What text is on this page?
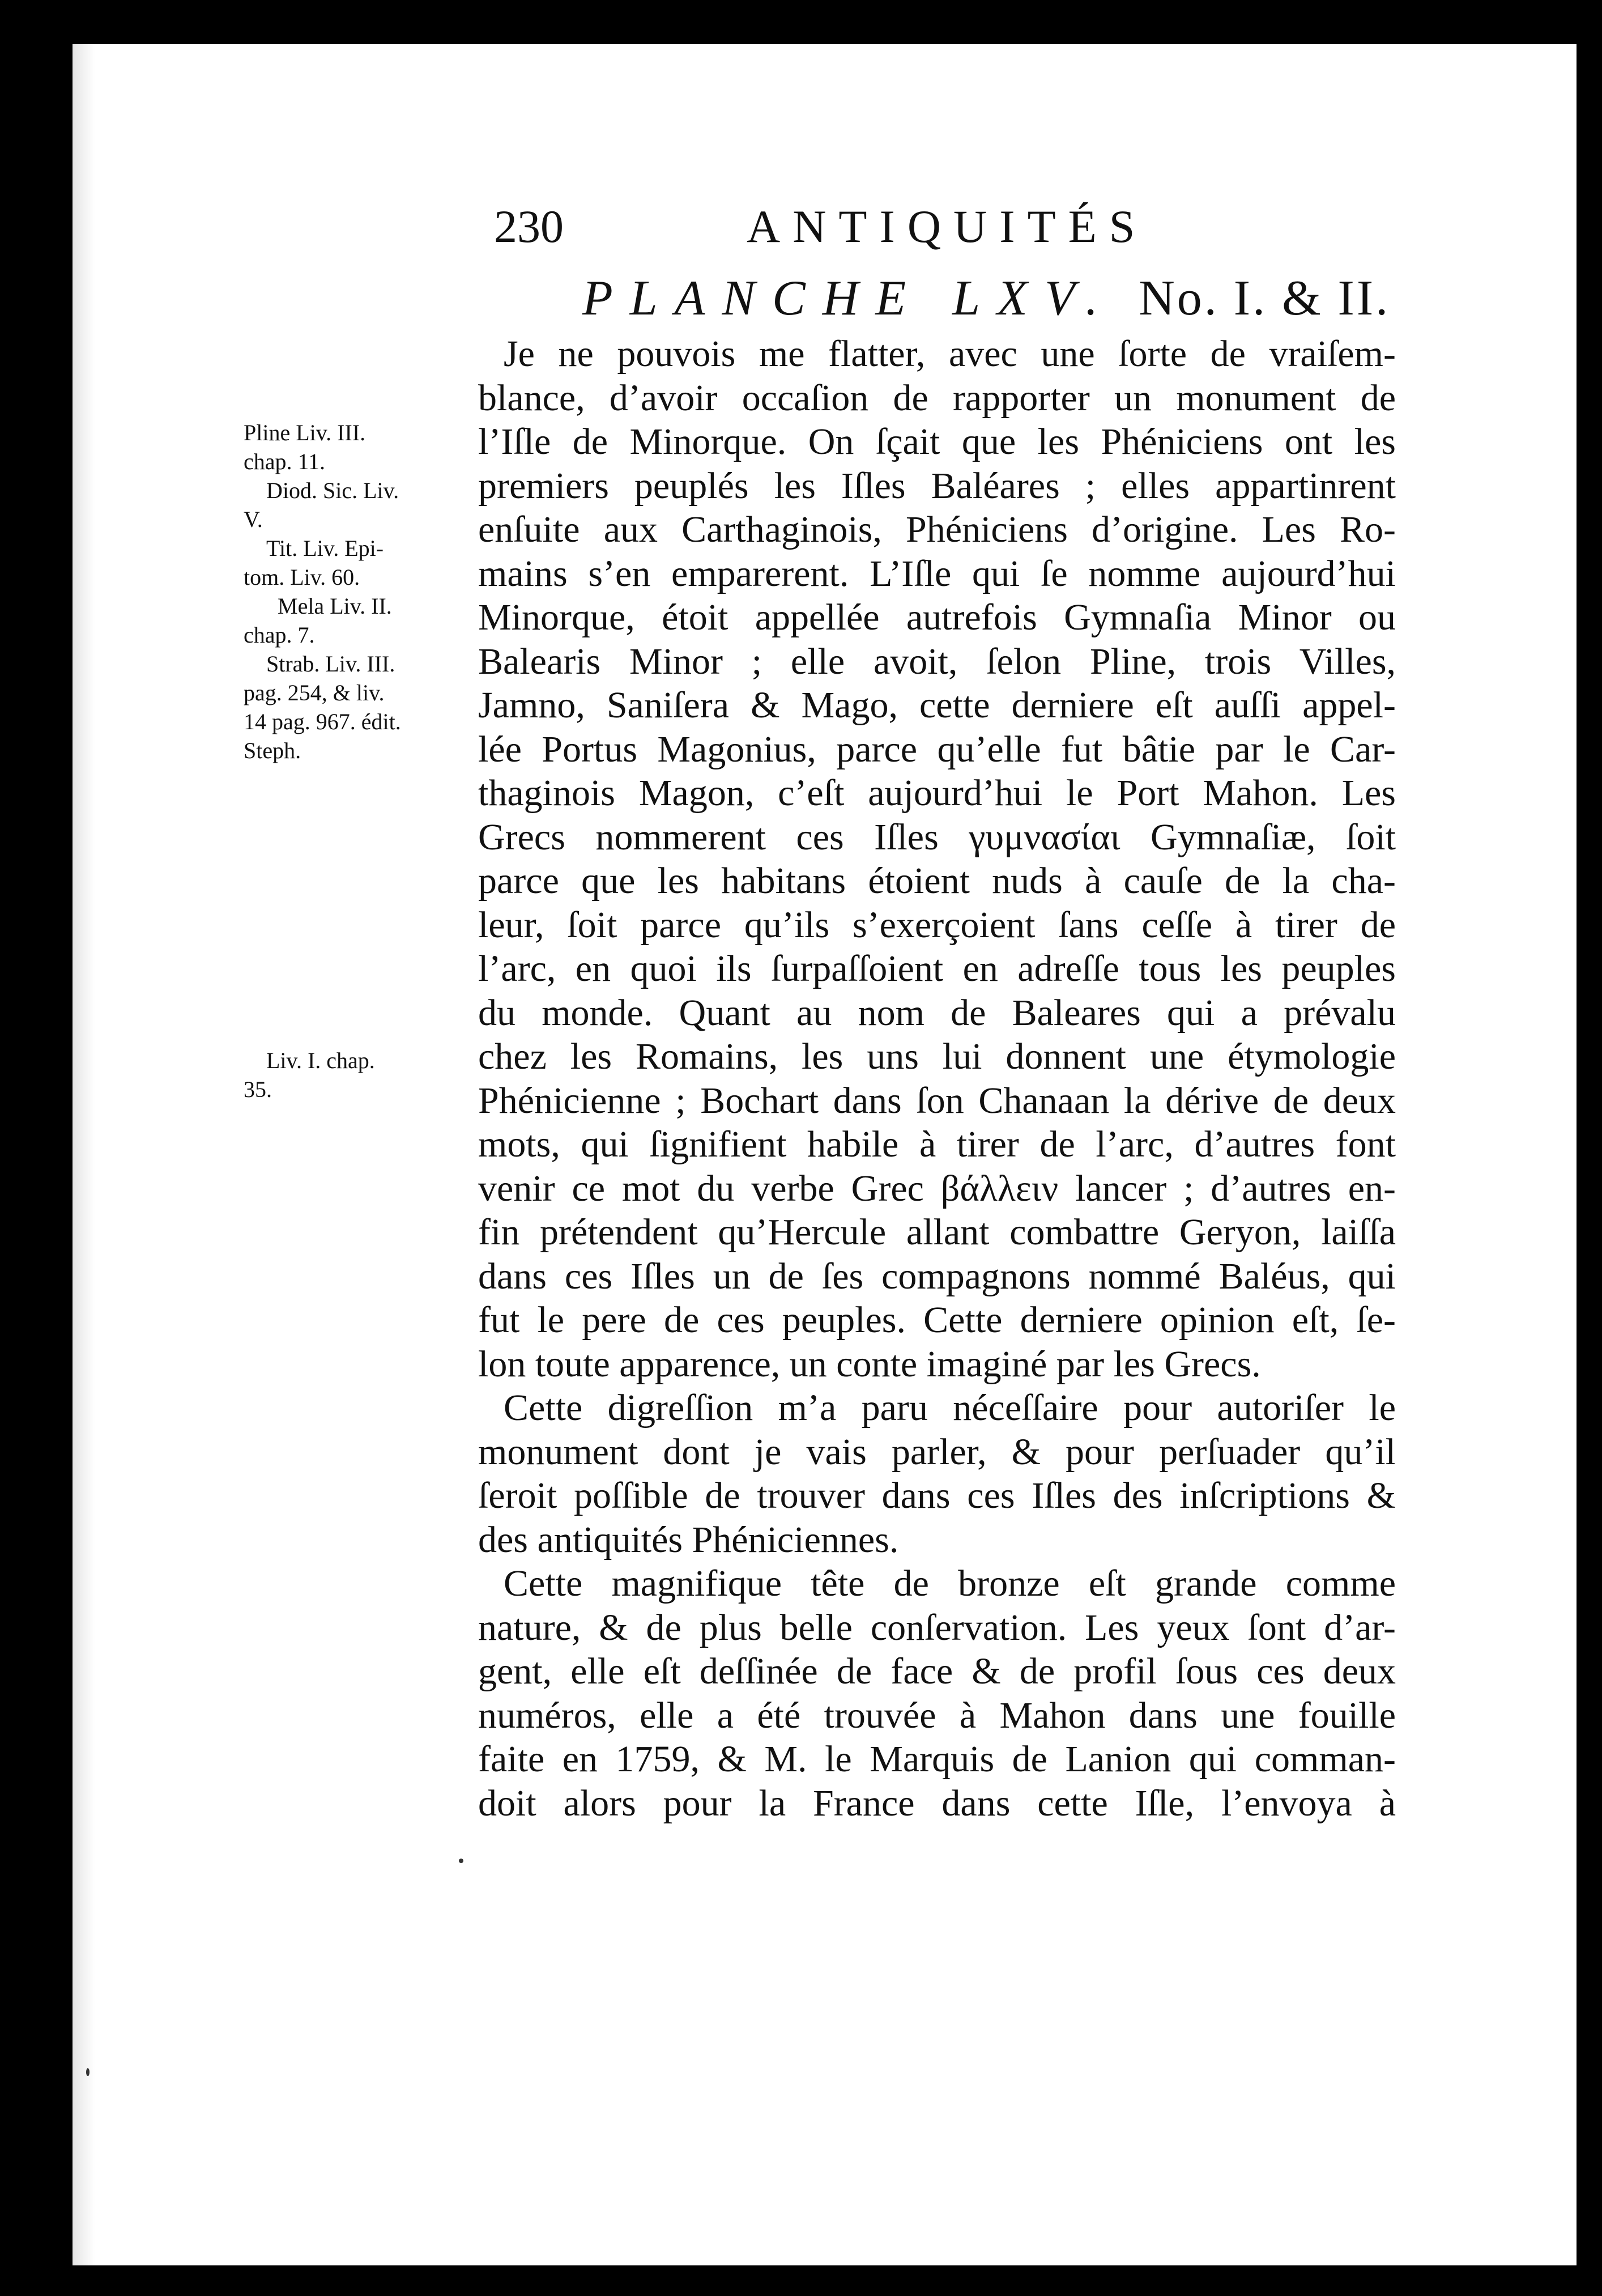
230	ANTIQUITÉS
PLANCHE LXV. No. I. & II.
Pline Liv. III.
chap. 11.
Diod. Sic. Liv.
V.
Tit. Liv. Epi-
tom. Liv. 60.
Mela Liv. II.
chap. 7.
Strab. Liv. III.
pag. 254, & liv.
14 pag. 967. édit.
Steph.
Liv. I. chap.
35.
Je ne pouvois me flatter, avec une ſorte de vraiſem-
blance, d’avoir occaſion de rapporter un monument de
l’Iſle de Minorque. On ſçait que les Phéniciens ont les
premiers peuplés les Iſles Baléares ; elles appartinrent
enſuite aux Carthaginois, Phéniciens d’origine. Les Ro-
mains s’en emparerent. L’Iſle qui ſe nomme aujourd’hui
Minorque, étoit appellée autrefois Gymnaſia Minor ou
Balearis Minor ; elle avoit, ſelon Pline, trois Villes,
Jamno, Saniſera & Mago, cette derniere eſt auſſi appel-
lée Portus Magonius, parce qu’elle fut bâtie par le Car-
thaginois Magon, c’eſt aujourd’hui le Port Mahon. Les
Grecs nommerent ces Iſles γυμνασίαι Gymnaſiæ, ſoit
parce que les habitans étoient nuds à cauſe de la cha-
leur, ſoit parce qu’ils s’exerçoient ſans ceſſe à tirer de
l’arc, en quoi ils ſurpaſſoient en adreſſe tous les peuples
du monde. Quant au nom de Baleares qui a prévalu
chez les Romains, les uns lui donnent une étymologie
Phénicienne ; Bochart dans ſon Chanaan la dérive de deux
mots, qui ſignifient habile à tirer de l’arc, d’autres font
venir ce mot du verbe Grec βάλλειν lancer ; d’autres en-
fin prétendent qu’Hercule allant combattre Geryon, laiſſa
dans ces Iſles un de ſes compagnons nommé Baléus, qui
fut le pere de ces peuples. Cette derniere opinion eſt, ſe-
lon toute apparence, un conte imaginé par les Grecs.
Cette digreſſion m’a paru néceſſaire pour autoriſer le
monument dont je vais parler, & pour perſuader qu’il
ſeroit poſſible de trouver dans ces Iſles des inſcriptions &
des antiquités Phéniciennes.
Cette magnifique tête de bronze eſt grande comme
nature, & de plus belle conſervation. Les yeux ſont d’ar-
gent, elle eſt deſſinée de face & de profil ſous ces deux
numéros, elle a été trouvée à Mahon dans une fouille
faite en 1759, & M. le Marquis de Lanion qui comman-
doit alors pour la France dans cette Iſle, l’envoya à
